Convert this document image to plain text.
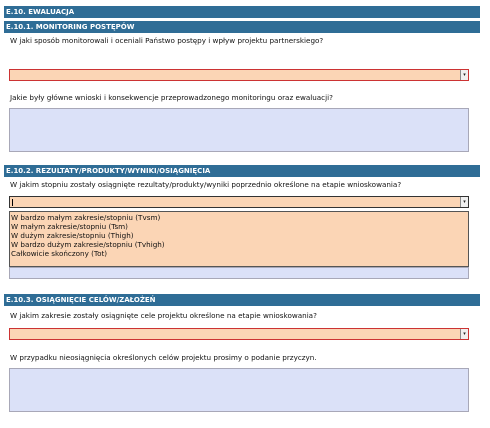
E.10. EWALUACJA
E.10.1. MONITORING POSTĘPÓW
W jaki sposób monitorowali i oceniali Państwo postępy i wpływ projektu partnerskiego?
▾
Jakie były główne wnioski i konsekwencje przeprowadzonego monitoringu oraz ewaluacji?
E.10.2. REZULTATY/PRODUKTY/WYNIKI/OSIĄGNIĘCIA
W jakim stopniu zostały osiągnięte rezultaty/produkty/wyniki poprzednio określone na etapie wnioskowania?
▾
W bardzo małym zakresie/stopniu (Tvsm)
W małym zakresie/stopniu (Tsm)
W dużym zakresie/stopniu (Thigh)
W bardzo dużym zakresie/stopniu (Tvhigh)
Całkowicie skończony (Tot)
E.10.3. OSIĄGNIĘCIE CELÓW/ZAŁOŻEŃ
W jakim zakresie zostały osiągnięte cele projektu określone na etapie wnioskowania?
▾
W przypadku nieosiągnięcia określonych celów projektu prosimy o podanie przyczyn.
